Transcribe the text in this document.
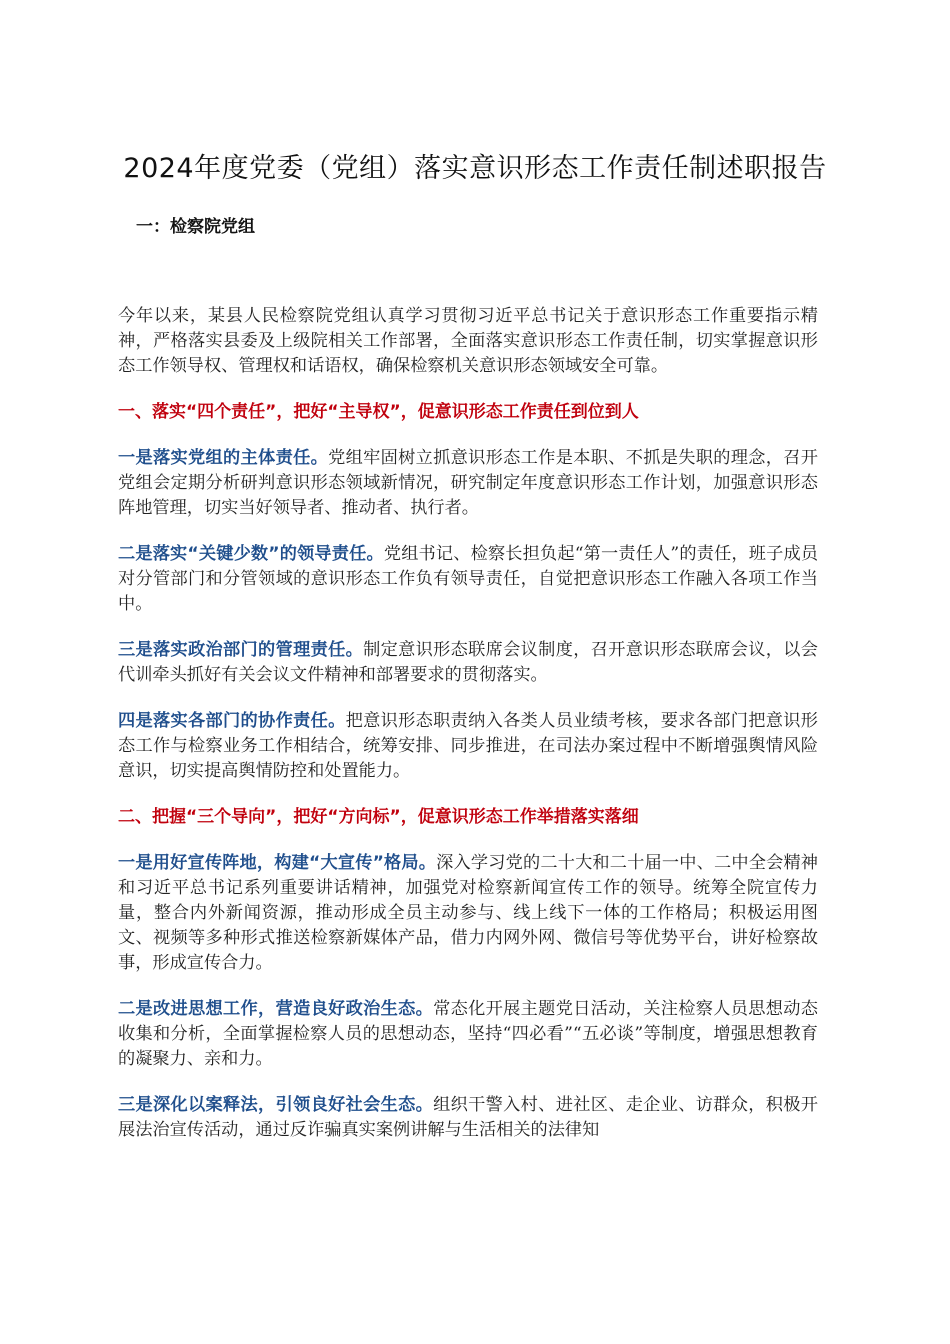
2024年度党委（党组）落实意识形态工作责任制述职报告
一：检察院党组

今年以来，某县人民检察院党组认真学习贯彻习近平总书记关于意识形态工作重要指示精神，严格落实县委及上级院相关工作部署，全面落实意识形态工作责任制，切实掌握意识形态工作领导权、管理权和话语权，确保检察机关意识形态领域安全可靠。

一、落实“四个责任”，把好“主导权”，促意识形态工作责任到位到人

一是落实党组的主体责任。党组牢固树立抓意识形态工作是本职、不抓是失职的理念，召开党组会定期分析研判意识形态领域新情况，研究制定年度意识形态工作计划，加强意识形态阵地管理，切实当好领导者、推动者、执行者。

二是落实“关键少数”的领导责任。党组书记、检察长担负起“第一责任人”的责任，班子成员对分管部门和分管领域的意识形态工作负有领导责任，自觉把意识形态工作融入各项工作当中。

三是落实政治部门的管理责任。制定意识形态联席会议制度，召开意识形态联席会议，以会代训牵头抓好有关会议文件精神和部署要求的贯彻落实。

四是落实各部门的协作责任。把意识形态职责纳入各类人员业绩考核，要求各部门把意识形态工作与检察业务工作相结合，统筹安排、同步推进，在司法办案过程中不断增强舆情风险意识，切实提高舆情防控和处置能力。

二、把握“三个导向”，把好“方向标”，促意识形态工作举措落实落细

一是用好宣传阵地，构建“大宣传”格局。深入学习党的二十大和二十届一中、二中全会精神和习近平总书记系列重要讲话精神，加强党对检察新闻宣传工作的领导。统筹全院宣传力量，整合内外新闻资源，推动形成全员主动参与、线上线下一体的工作格局；积极运用图文、视频等多种形式推送检察新媒体产品，借力内网外网、微信号等优势平台，讲好检察故事，形成宣传合力。

二是改进思想工作，营造良好政治生态。常态化开展主题党日活动，关注检察人员思想动态收集和分析，全面掌握检察人员的思想动态，坚持“四必看”“五必谈”等制度，增强思想教育的凝聚力、亲和力。

三是深化以案释法，引领良好社会生态。组织干警入村、进社区、走企业、访群众，积极开展法治宣传活动，通过反诈骗真实案例讲解与生活相关的法律知
